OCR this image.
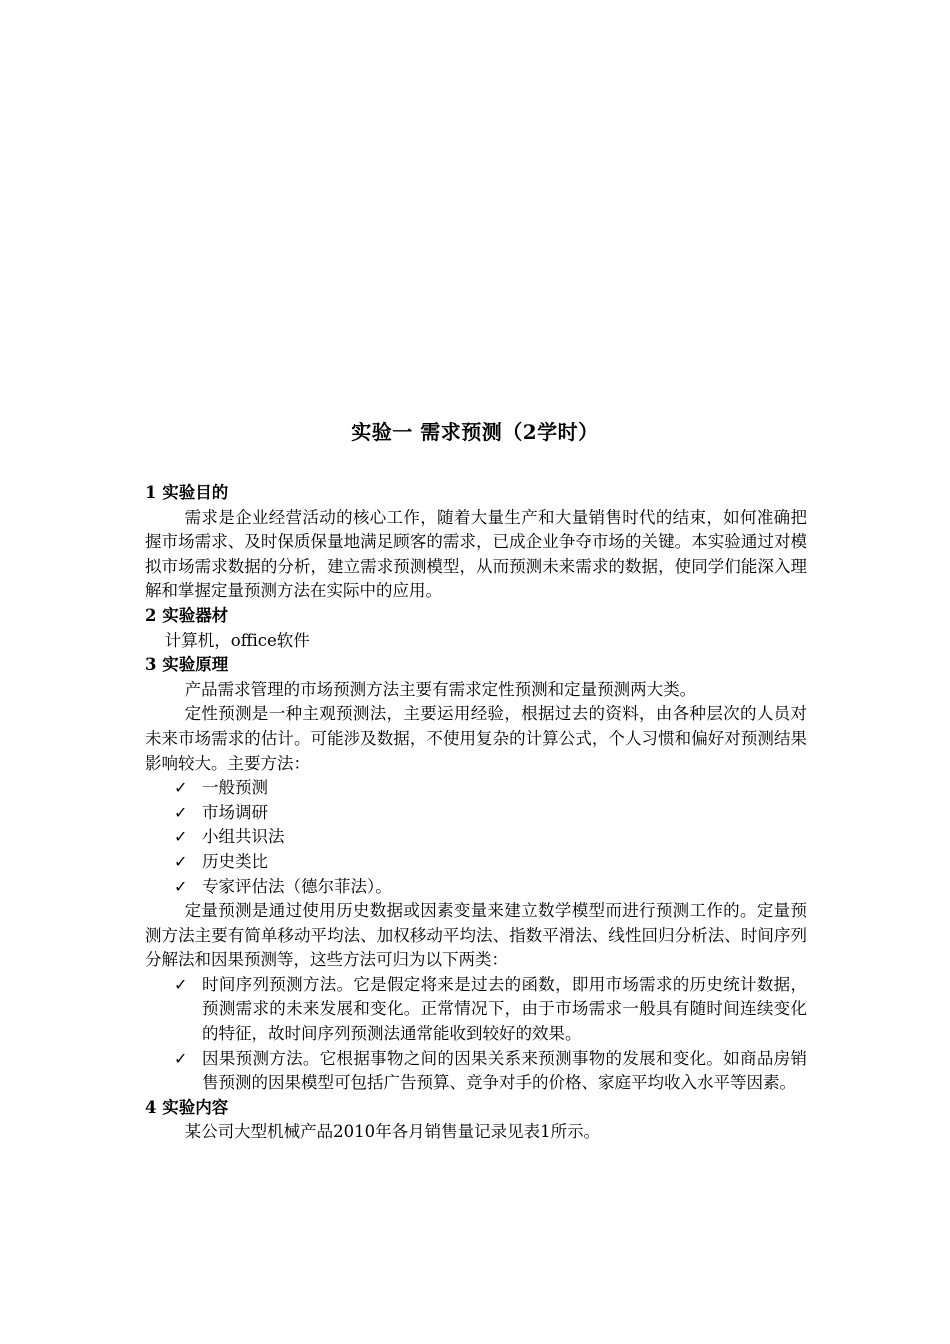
实验一 需求预测（2学时）

1 实验目的

需求是企业经营活动的核心工作，随着大量生产和大量销售时代的结束，如何准确把握市场需求、及时保质保量地满足顾客的需求，已成企业争夺市场的关键。本实验通过对模拟市场需求数据的分析，建立需求预测模型，从而预测未来需求的数据，使同学们能深入理解和掌握定量预测方法在实际中的应用。

2 实验器材

计算机，office软件

3 实验原理

产品需求管理的市场预测方法主要有需求定性预测和定量预测两大类。

定性预测是一种主观预测法，主要运用经验，根据过去的资料，由各种层次的人员对未来市场需求的估计。可能涉及数据，不使用复杂的计算公式，个人习惯和偏好对预测结果影响较大。主要方法：

✓ 一般预测
✓ 市场调研
✓ 小组共识法
✓ 历史类比
✓ 专家评估法（德尔菲法）。

定量预测是通过使用历史数据或因素变量来建立数学模型而进行预测工作的。定量预测方法主要有简单移动平均法、加权移动平均法、指数平滑法、线性回归分析法、时间序列分解法和因果预测等，这些方法可归为以下两类：

✓ 时间序列预测方法。它是假定将来是过去的函数，即用市场需求的历史统计数据，预测需求的未来发展和变化。正常情况下，由于市场需求一般具有随时间连续变化的特征，故时间序列预测法通常能收到较好的效果。
✓ 因果预测方法。它根据事物之间的因果关系来预测事物的发展和变化。如商品房销售预测的因果模型可包括广告预算、竞争对手的价格、家庭平均收入水平等因素。

4 实验内容

某公司大型机械产品2010年各月销售量记录见表1所示。
